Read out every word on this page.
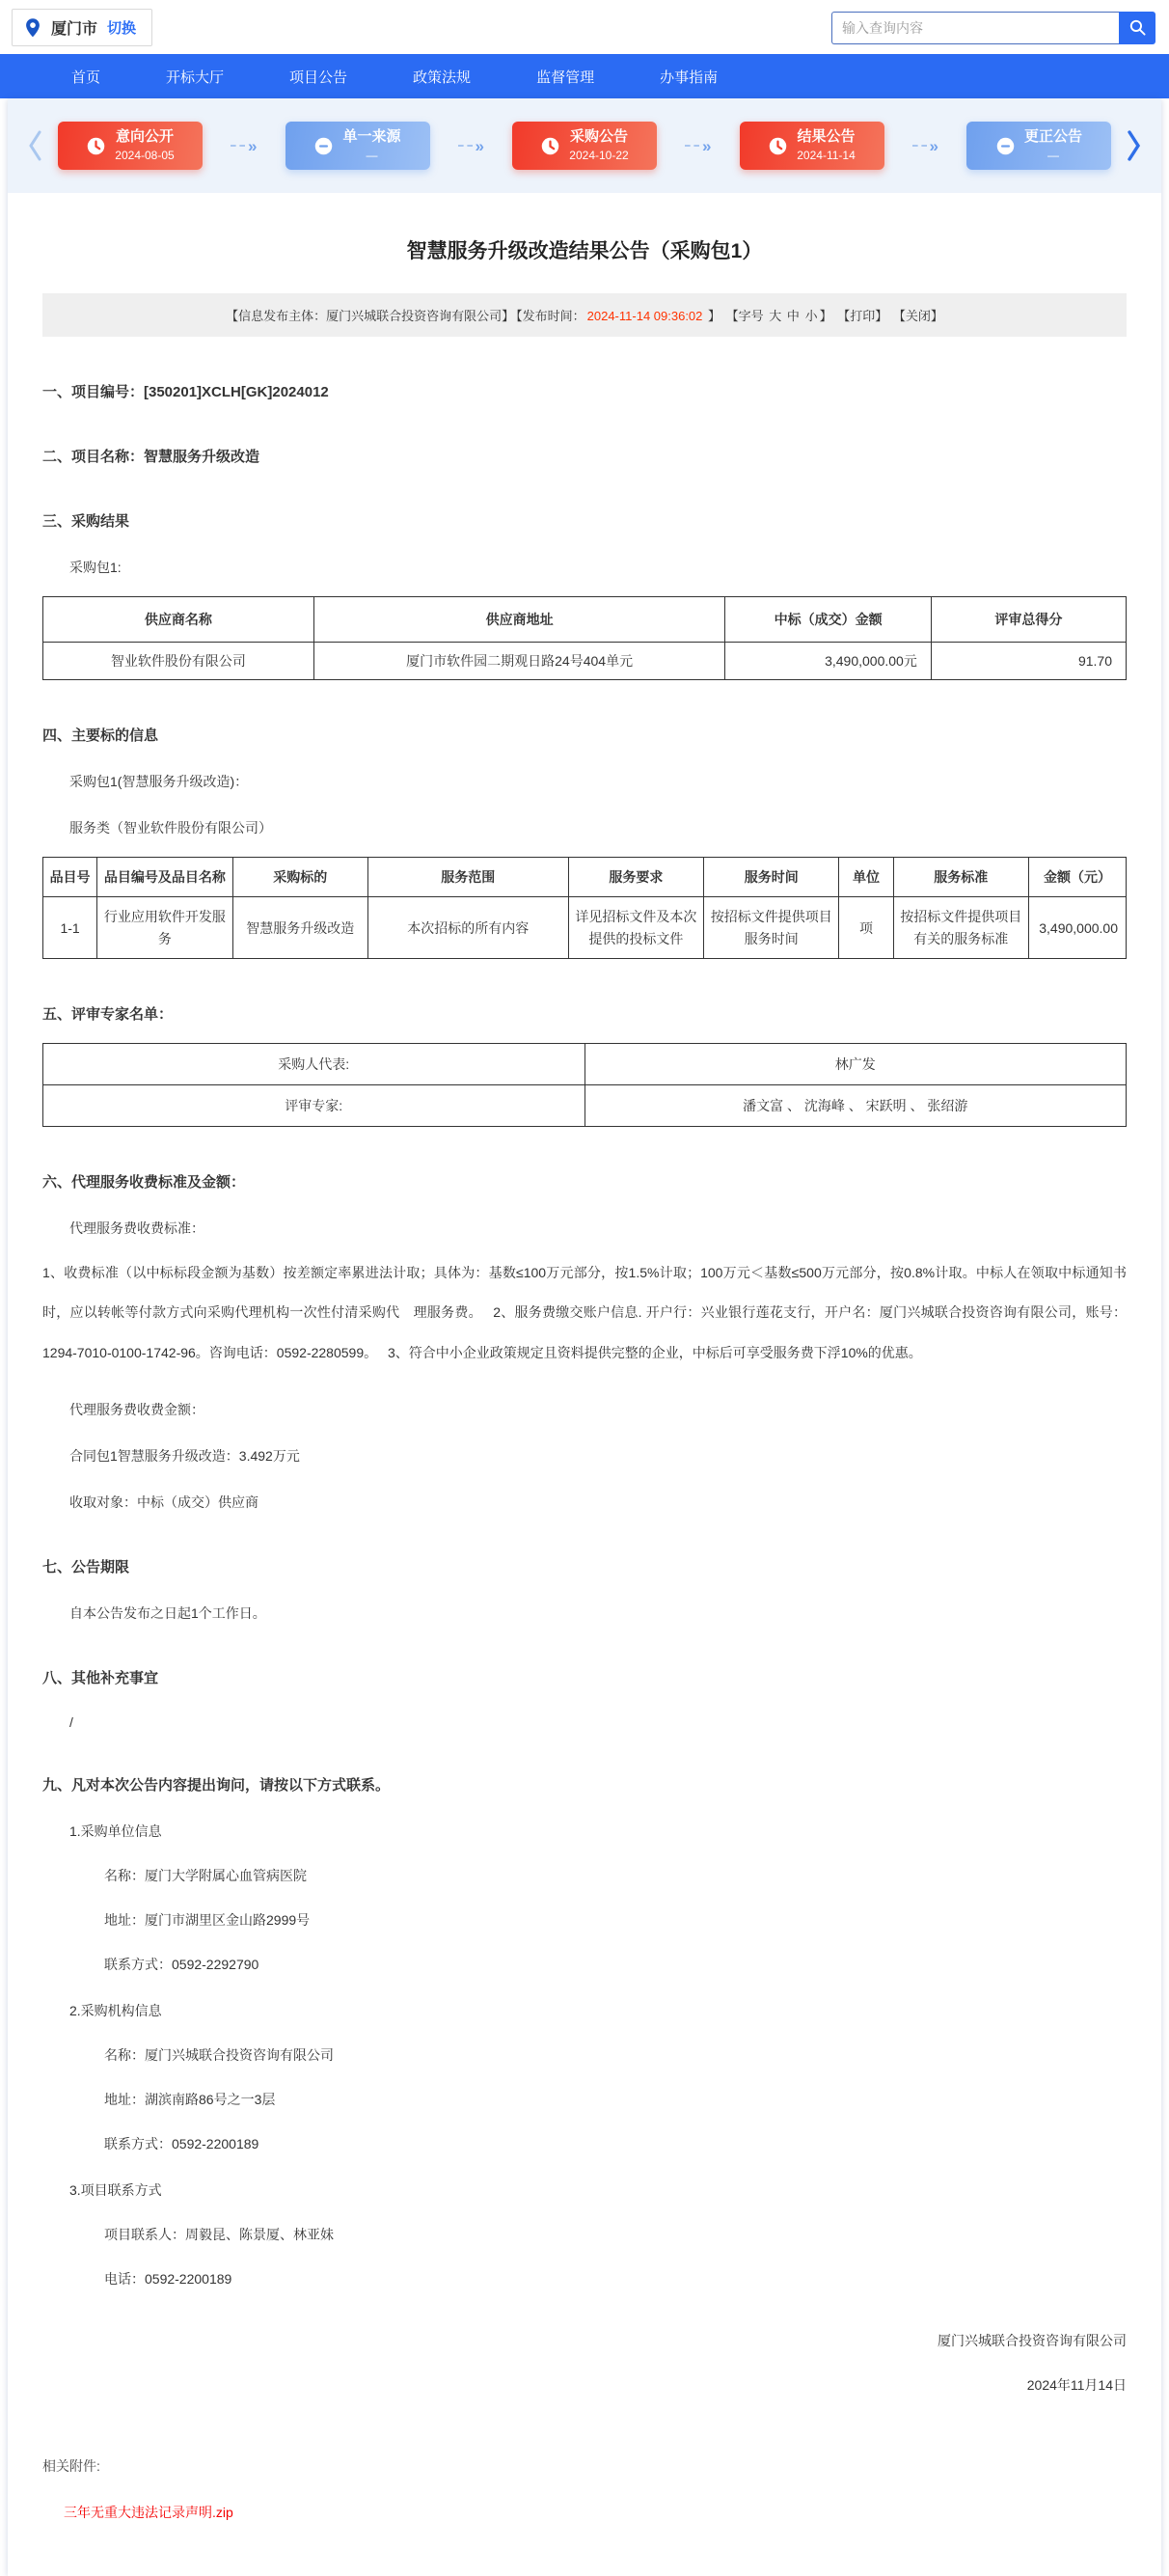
厦门市 切换
输入查询内容
首页	开标大厅	项目公告	政策法规	监督管理	办事指南
意向公开
2024-08-05
»	单一来源
—
»	采购公告
2024-10-22
»	结果公告
2024-11-14
»	更正公告
—
智慧服务升级改造结果公告（采购包1）
【信息发布主体：厦门兴城联合投资咨询有限公司】 【发布时间： 2024-11-14 09:36:02 】 【字号 大 中 小 】 【打印】 【关闭】
一、项目编号：[350201]XCLH[GK]2024012
二、项目名称：智慧服务升级改造
三、采购结果
采购包1:
供应商名称	供应商地址	中标（成交）金额	评审总得分
智业软件股份有限公司	厦门市软件园二期观日路24号404单元	3,490,000.00元	91.70
四、主要标的信息
采购包1(智慧服务升级改造)：
服务类（智业软件股份有限公司）
品目号	品目编号及品目名称	采购标的	服务范围	服务要求	服务时间	单位	服务标准	金额（元）
1-1	行业应用软件开发服务	智慧服务升级改造	本次招标的所有内容	详见招标文件及本次提供的投标文件	按招标文件提供项目服务时间	项	按招标文件提供项目有关的服务标准	3,490,000.00
五、评审专家名单：
采购人代表:	林广发
评审专家:	潘文富 、 沈海峰 、 宋跃明 、 张绍游
六、代理服务收费标准及金额：
代理服务费收费标准：
1、收费标准（以中标标段金额为基数）按差额定率累进法计取；具体为：基数≤100万元部分，按1.5%计取；100万元＜基数≤500万元部分，按0.8%计取。中标人在领取中标通知书时，应以转帐等付款方式向采购代理机构一次性付清采购代　理服务费。　 2、服务费缴交账户信息. 开户行：兴业银行莲花支行，开户名：厦门兴城联合投资咨询有限公司，账号：1294-7010-0100-1742-96。咨询电话：0592-2280599。　 3、符合中小企业政策规定且资料提供完整的企业，中标后可享受服务费下浮10%的优惠。
代理服务费收费金额：
合同包1智慧服务升级改造：3.492万元
收取对象：中标（成交）供应商
七、公告期限
自本公告发布之日起1个工作日。
八、其他补充事宜
/
九、凡对本次公告内容提出询问，请按以下方式联系。
1.采购单位信息
名称：厦门大学附属心血管病医院
地址：厦门市湖里区金山路2999号
联系方式：0592-2292790
2.采购机构信息
名称：厦门兴城联合投资咨询有限公司
地址：湖滨南路86号之一3层
联系方式：0592-2200189
3.项目联系方式
项目联系人：周毅昆、陈景厦、林亚妹
电话：0592-2200189
厦门兴城联合投资咨询有限公司
2024年11月14日
相关附件:
三年无重大违法记录声明.zip
